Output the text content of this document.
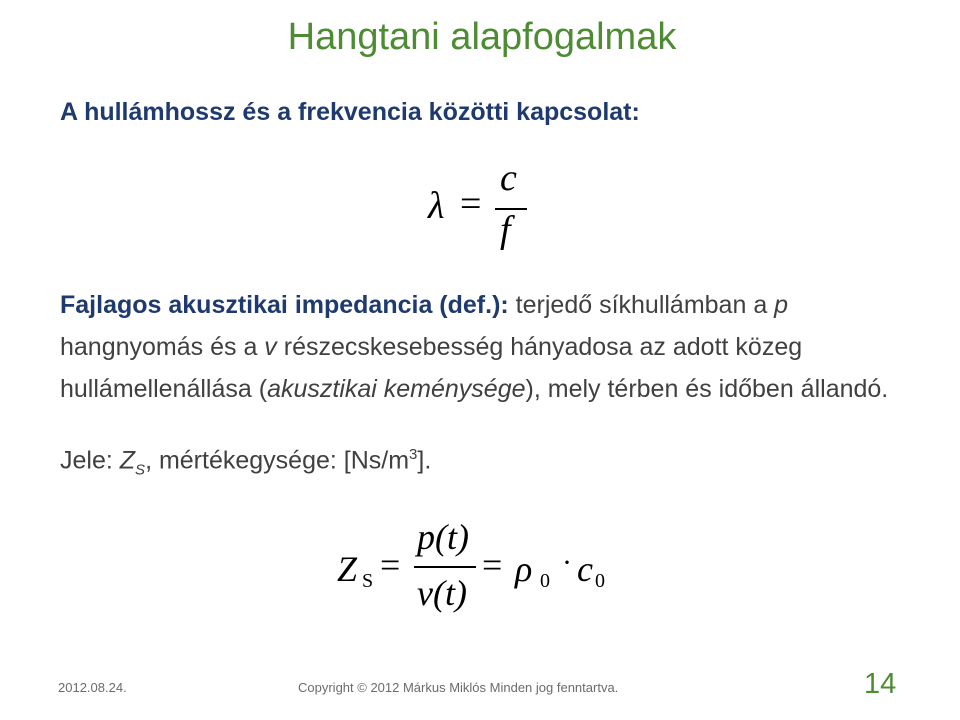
Hangtani alapfogalmak
A hullámhossz és a frekvencia közötti kapcsolat:
λ =
c
f
Fajlagos akusztikai impedancia (def.): terjedő síkhullámban a p hangnyomás és a v részecskesebesség hányadosa az adott közeg hullámellenállása (akusztikai keménysége), mely térben és időben állandó.
Jele: $Z_S$, mértékegysége: $[Ns/m^3]$.
Z S =
p(t)
v(t)
= ρ 0
· c 0
2012.08.24.	Copyright © 2012 Márkus Miklós Minden jog fenntartva.	14
